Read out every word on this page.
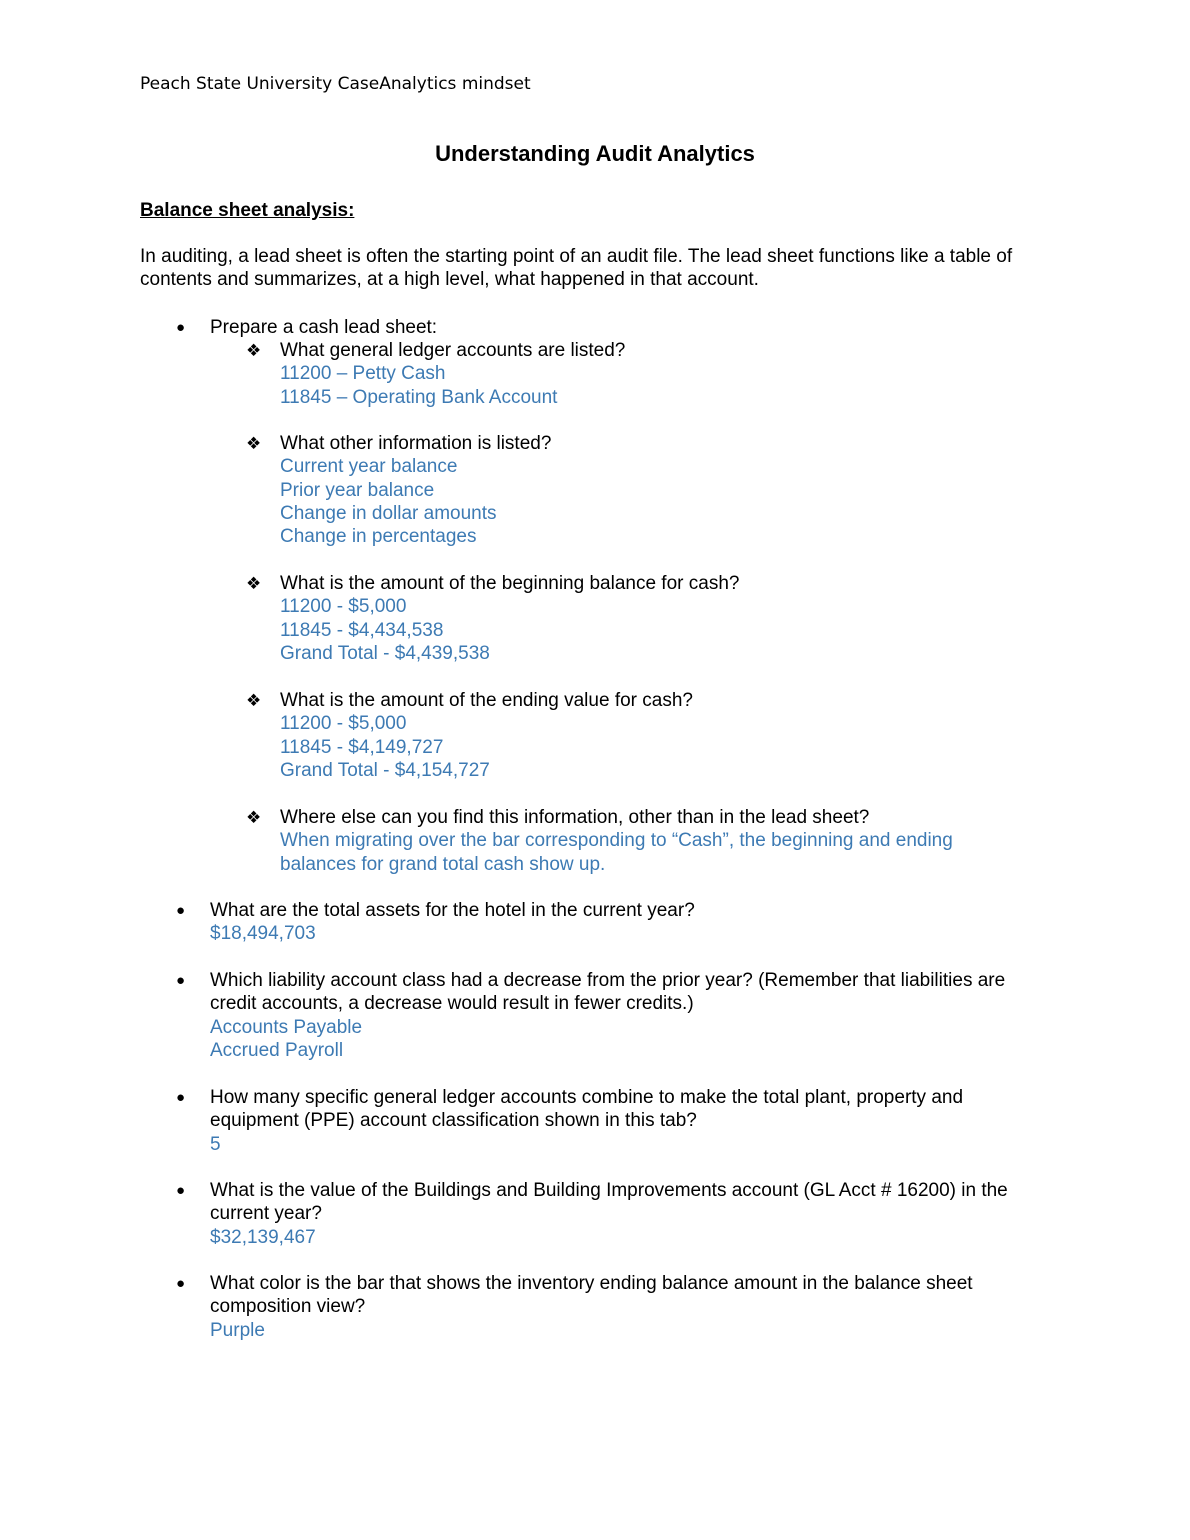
Peach State University CaseAnalytics mindset
Understanding Audit Analytics
Balance sheet analysis:

In auditing, a lead sheet is often the starting point of an audit file. The lead sheet functions like a table of contents and summarizes, at a high level, what happened in that account.

● Prepare a cash lead sheet:
❖ What general ledger accounts are listed?
11200 – Petty Cash
11845 – Operating Bank Account
❖ What other information is listed?
Current year balance
Prior year balance
Change in dollar amounts
Change in percentages
❖ What is the amount of the beginning balance for cash?
11200 - $5,000
11845 - $4,434,538
Grand Total - $4,439,538
❖ What is the amount of the ending value for cash?
11200 - $5,000
11845 - $4,149,727
Grand Total - $4,154,727
❖ Where else can you find this information, other than in the lead sheet?
When migrating over the bar corresponding to “Cash”, the beginning and ending balances for grand total cash show up.
● What are the total assets for the hotel in the current year?
$18,494,703
● Which liability account class had a decrease from the prior year? (Remember that liabilities are credit accounts, a decrease would result in fewer credits.)
Accounts Payable
Accrued Payroll
● How many specific general ledger accounts combine to make the total plant, property and equipment (PPE) account classification shown in this tab?
5
● What is the value of the Buildings and Building Improvements account (GL Acct # 16200) in the current year?
$32,139,467
● What color is the bar that shows the inventory ending balance amount in the balance sheet composition view?
Purple
